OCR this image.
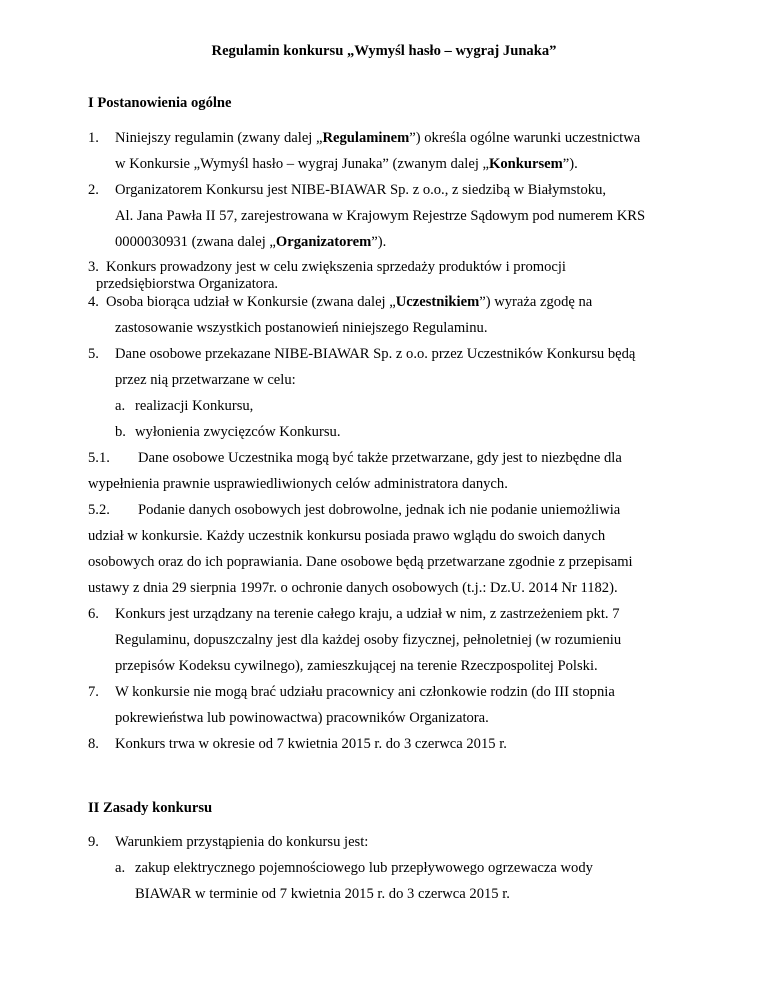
Regulamin konkursu „Wymyśl hasło – wygraj Junaka”
I Postanowienia ogólne
1. Niniejszy regulamin (zwany dalej „Regulaminem”) określa ogólne warunki uczestnictwa
w Konkursie „Wymyśl hasło – wygraj Junaka” (zwanym dalej „Konkursem”).
2. Organizatorem Konkursu jest NIBE-BIAWAR Sp. z o.o., z siedzibą w Białymstoku,
Al. Jana Pawła II 57, zarejestrowana w Krajowym Rejestrze Sądowym pod numerem KRS
0000030931 (zwana dalej „Organizatorem”).
3. Konkurs prowadzony jest w celu zwiększenia sprzedaży produktów i promocji
przedsiębiorstwa Organizatora.
4. Osoba biorąca udział w Konkursie (zwana dalej „Uczestnikiem”) wyraża zgodę na
zastosowanie wszystkich postanowień niniejszego Regulaminu.
5. Dane osobowe przekazane NIBE-BIAWAR Sp. z o.o. przez Uczestników Konkursu będą
przez nią przetwarzane w celu:
a. realizacji Konkursu,
b. wyłonienia zwycięzców Konkursu.
5.1. Dane osobowe Uczestnika mogą być także przetwarzane, gdy jest to niezbędne dla
wypełnienia prawnie usprawiedliwionych celów administratora danych.
5.2. Podanie danych osobowych jest dobrowolne, jednak ich nie podanie uniemożliwia
udział w konkursie. Każdy uczestnik konkursu posiada prawo wglądu do swoich danych
osobowych oraz do ich poprawiania. Dane osobowe będą przetwarzane zgodnie z przepisami
ustawy z dnia 29 sierpnia 1997r. o ochronie danych osobowych (t.j.: Dz.U. 2014 Nr 1182).
6. Konkurs jest urządzany na terenie całego kraju, a udział w nim, z zastrzeżeniem pkt. 7
Regulaminu, dopuszczalny jest dla każdej osoby fizycznej, pełnoletniej (w rozumieniu
przepisów Kodeksu cywilnego), zamieszkującej na terenie Rzeczpospolitej Polski.
7. W konkursie nie mogą brać udziału pracownicy ani członkowie rodzin (do III stopnia
pokrewieństwa lub powinowactwa) pracowników Organizatora.
8. Konkurs trwa w okresie od 7 kwietnia 2015 r. do 3 czerwca 2015 r.
II Zasady konkursu
9. Warunkiem przystąpienia do konkursu jest:
a. zakup elektrycznego pojemnościowego lub przepływowego ogrzewacza wody
BIAWAR w terminie od 7 kwietnia 2015 r. do 3 czerwca 2015 r.
